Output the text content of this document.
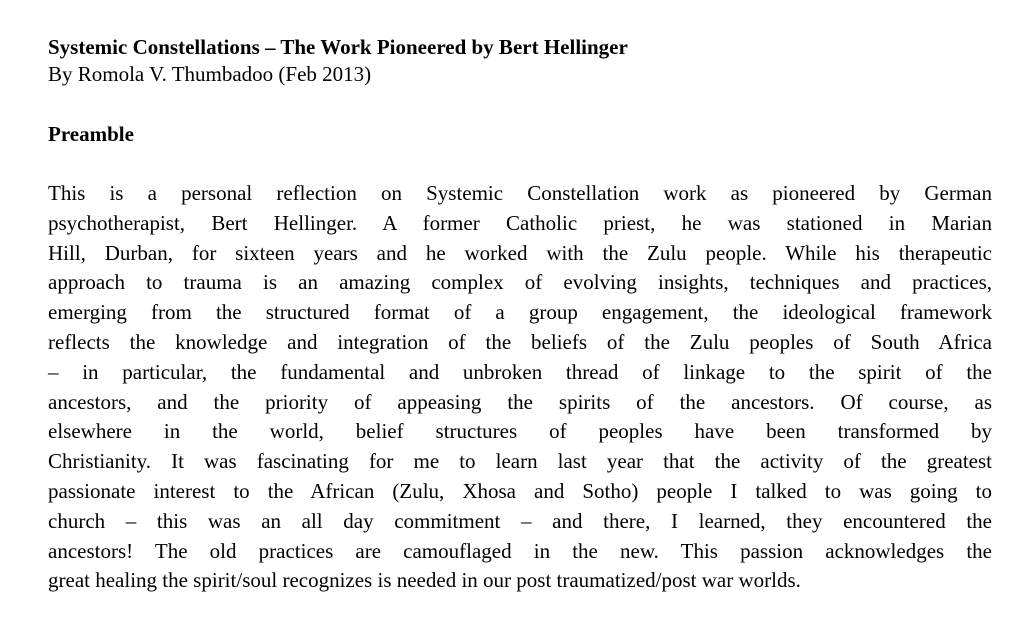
Systemic Constellations – The Work Pioneered by Bert Hellinger

By Romola V. Thumbadoo (Feb 2013)

Preamble
This is a personal reflection on Systemic Constellation work as pioneered by German
psychotherapist, Bert Hellinger. A former Catholic priest, he was stationed in Marian
Hill, Durban, for sixteen years and he worked with the Zulu people. While his therapeutic
approach to trauma is an amazing complex of evolving insights, techniques and practices,
emerging from the structured format of a group engagement, the ideological framework
reflects the knowledge and integration of the beliefs of the Zulu peoples of South Africa
– in particular, the fundamental and unbroken thread of linkage to the spirit of the
ancestors, and the priority of appeasing the spirits of the ancestors. Of course, as
elsewhere in the world, belief structures of peoples have been transformed by
Christianity. It was fascinating for me to learn last year that the activity of the greatest
passionate interest to the African (Zulu, Xhosa and Sotho) people I talked to was going to
church – this was an all day commitment – and there, I learned, they encountered the
ancestors! The old practices are camouflaged in the new. This passion acknowledges the
great healing the spirit/soul recognizes is needed in our post traumatized/post war worlds.
